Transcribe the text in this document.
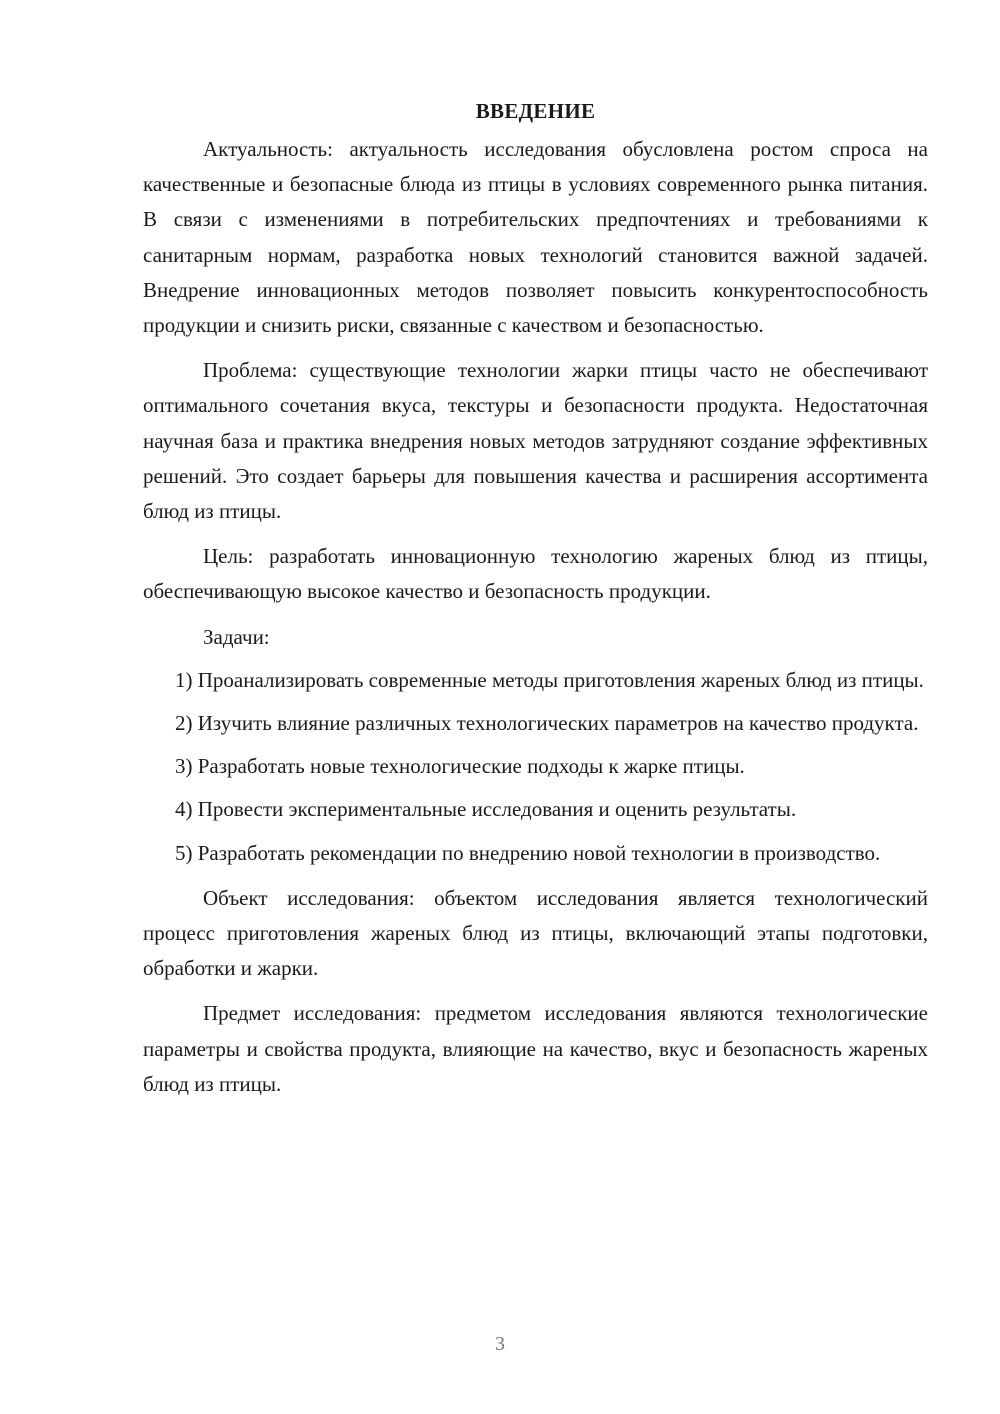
ВВЕДЕНИЕ

Актуальность: актуальность исследования обусловлена ростом спроса на качественные и безопасные блюда из птицы в условиях современного рынка питания. В связи с изменениями в потребительских предпочтениях и требованиями к санитарным нормам, разработка новых технологий становится важной задачей. Внедрение инновационных методов позволяет повысить конкурентоспособность продукции и снизить риски, связанные с качеством и безопасностью.

Проблема: существующие технологии жарки птицы часто не обеспечивают оптимального сочетания вкуса, текстуры и безопасности продукта. Недостаточная научная база и практика внедрения новых методов затрудняют создание эффективных решений. Это создает барьеры для повышения качества и расширения ассортимента блюд из птицы.

Цель: разработать инновационную технологию жареных блюд из птицы, обеспечивающую высокое качество и безопасность продукции.

Задачи:

1) Проанализировать современные методы приготовления жареных блюд из птицы.

2) Изучить влияние различных технологических параметров на качество продукта.

3) Разработать новые технологические подходы к жарке птицы.

4) Провести экспериментальные исследования и оценить результаты.

5) Разработать рекомендации по внедрению новой технологии в производство.

Объект исследования: объектом исследования является технологический процесс приготовления жареных блюд из птицы, включающий этапы подготовки, обработки и жарки.

Предмет исследования: предметом исследования являются технологические параметры и свойства продукта, влияющие на качество, вкус и безопасность жареных блюд из птицы.

3
